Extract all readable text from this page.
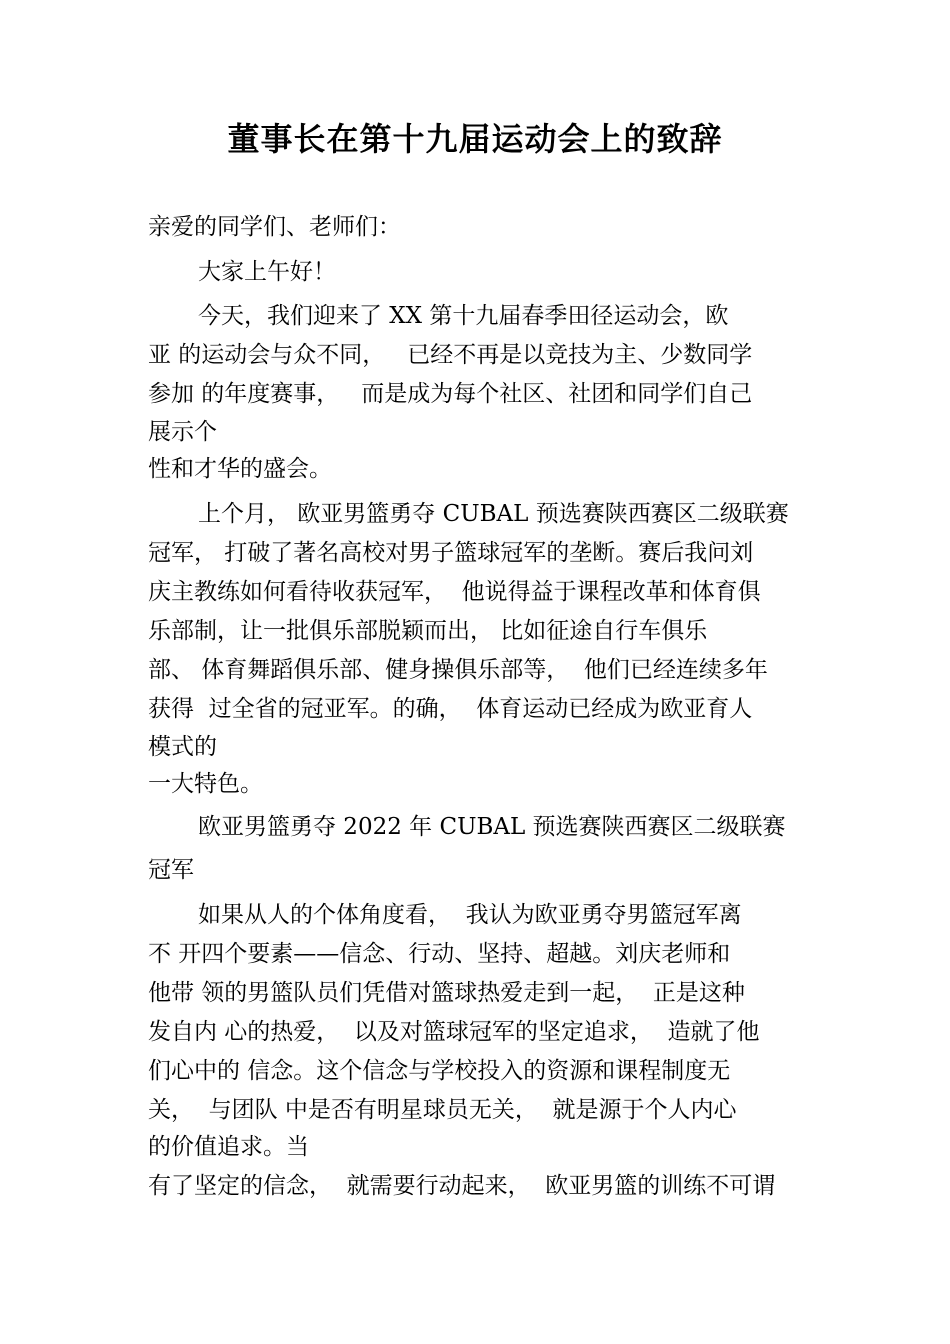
董事长在第十九届运动会上的致辞

亲爱的同学们、老师们：

大家上午好！

今天，我们迎来了 XX 第十九届春季田径运动会，欧

亚 的运动会与众不同，   已经不再是以竞技为主、少数同学

参加 的年度赛事，   而是成为每个社区、社团和同学们自己

展示个

性和才华的盛会。

上个月， 欧亚男篮勇夺 CUBAL 预选赛陕西赛区二级联赛

冠军， 打破了著名高校对男子篮球冠军的垄断。赛后我问刘

庆主教练如何看待收获冠军，  他说得益于课程改革和体育俱

乐部制，让一批俱乐部脱颖而出， 比如征途自行车俱乐

部、 体育舞蹈俱乐部、健身操俱乐部等，  他们已经连续多年

获得  过全省的冠亚军。的确，  体育运动已经成为欧亚育人

模式的

一大特色。

欧亚男篮勇夺 2022 年 CUBAL 预选赛陕西赛区二级联赛

冠军

如果从人的个体角度看，  我认为欧亚勇夺男篮冠军离

不 开四个要素——信念、行动、坚持、超越。刘庆老师和

他带 领的男篮队员们凭借对篮球热爱走到一起，  正是这种

发自内 心的热爱，  以及对篮球冠军的坚定追求，  造就了他

们心中的 信念。这个信念与学校投入的资源和课程制度无

关，  与团队 中是否有明星球员无关，  就是源于个人内心

的价值追求。当

有了坚定的信念，  就需要行动起来，  欧亚男篮的训练不可谓
